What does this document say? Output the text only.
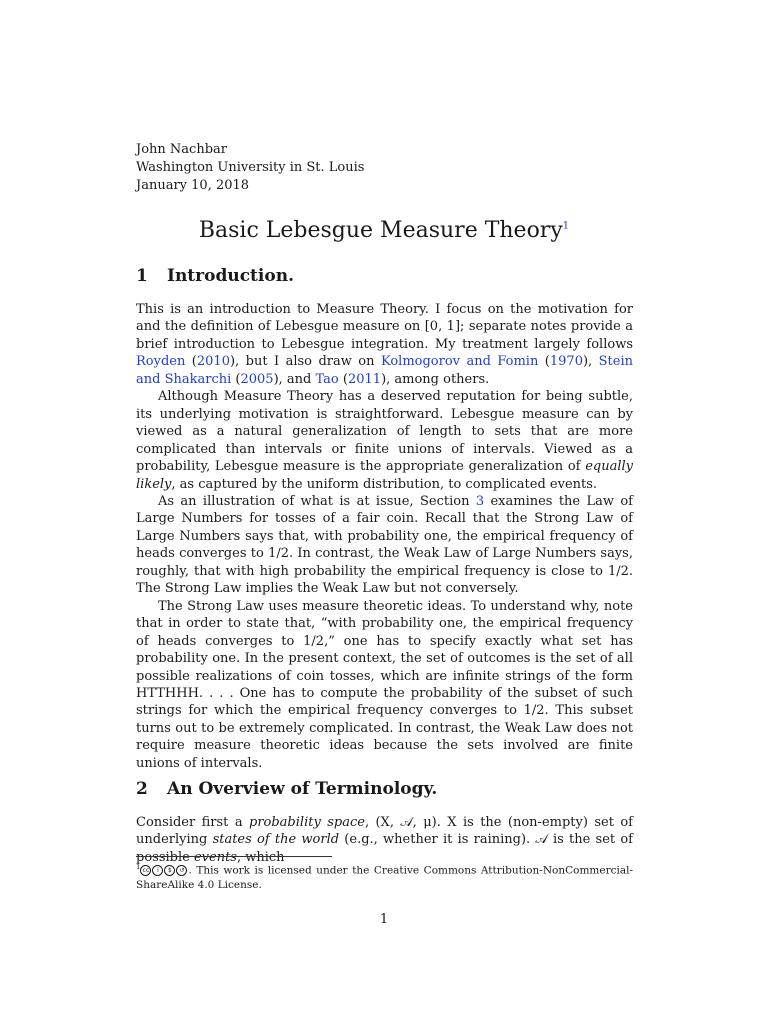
John Nachbar
Washington University in St. Louis
January 10, 2018
Basic Lebesgue Measure Theory$^1$
1 Introduction.

This is an introduction to Measure Theory. I focus on the motivation for and the definition of Lebesgue measure on [0, 1]; separate notes provide a brief introduction to Lebesgue integration. My treatment largely follows Royden (2010), but I also draw on Kolmogorov and Fomin (1970), Stein and Shakarchi (2005), and Tao (2011), among others.

Although Measure Theory has a deserved reputation for being subtle, its underlying motivation is straightforward. Lebesgue measure can by viewed as a natural generalization of length to sets that are more complicated than intervals or finite unions of intervals. Viewed as a probability, Lebesgue measure is the appropriate generalization of equally likely, as captured by the uniform distribution, to complicated events.

As an illustration of what is at issue, Section 3 examines the Law of Large Numbers for tosses of a fair coin. Recall that the Strong Law of Large Numbers says that, with probability one, the empirical frequency of heads converges to 1/2. In contrast, the Weak Law of Large Numbers says, roughly, that with high probability the empirical frequency is close to 1/2. The Strong Law implies the Weak Law but not conversely.

The Strong Law uses measure theoretic ideas. To understand why, note that in order to state that, “with probability one, the empirical frequency of heads converges to 1/2,” one has to specify exactly what set has probability one. In the present context, the set of outcomes is the set of all possible realizations of coin tosses, which are infinite strings of the form HTTHHH. . . . One has to compute the probability of the subset of such strings for which the empirical frequency converges to 1/2. This subset turns out to be extremely complicated. In contrast, the Weak Law does not require measure theoretic ideas because the sets involved are finite unions of intervals.

2 An Overview of Terminology.

Consider first a probability space, (X, 𝒜, μ). X is the (non-empty) set of underlying states of the world (e.g., whether it is raining). 𝒜 is the set of possible events, which

$^1$ cc i $ ↺ . This work is licensed under the Creative Commons Attribution-NonCommercial-ShareAlike 4.0 License.
1
